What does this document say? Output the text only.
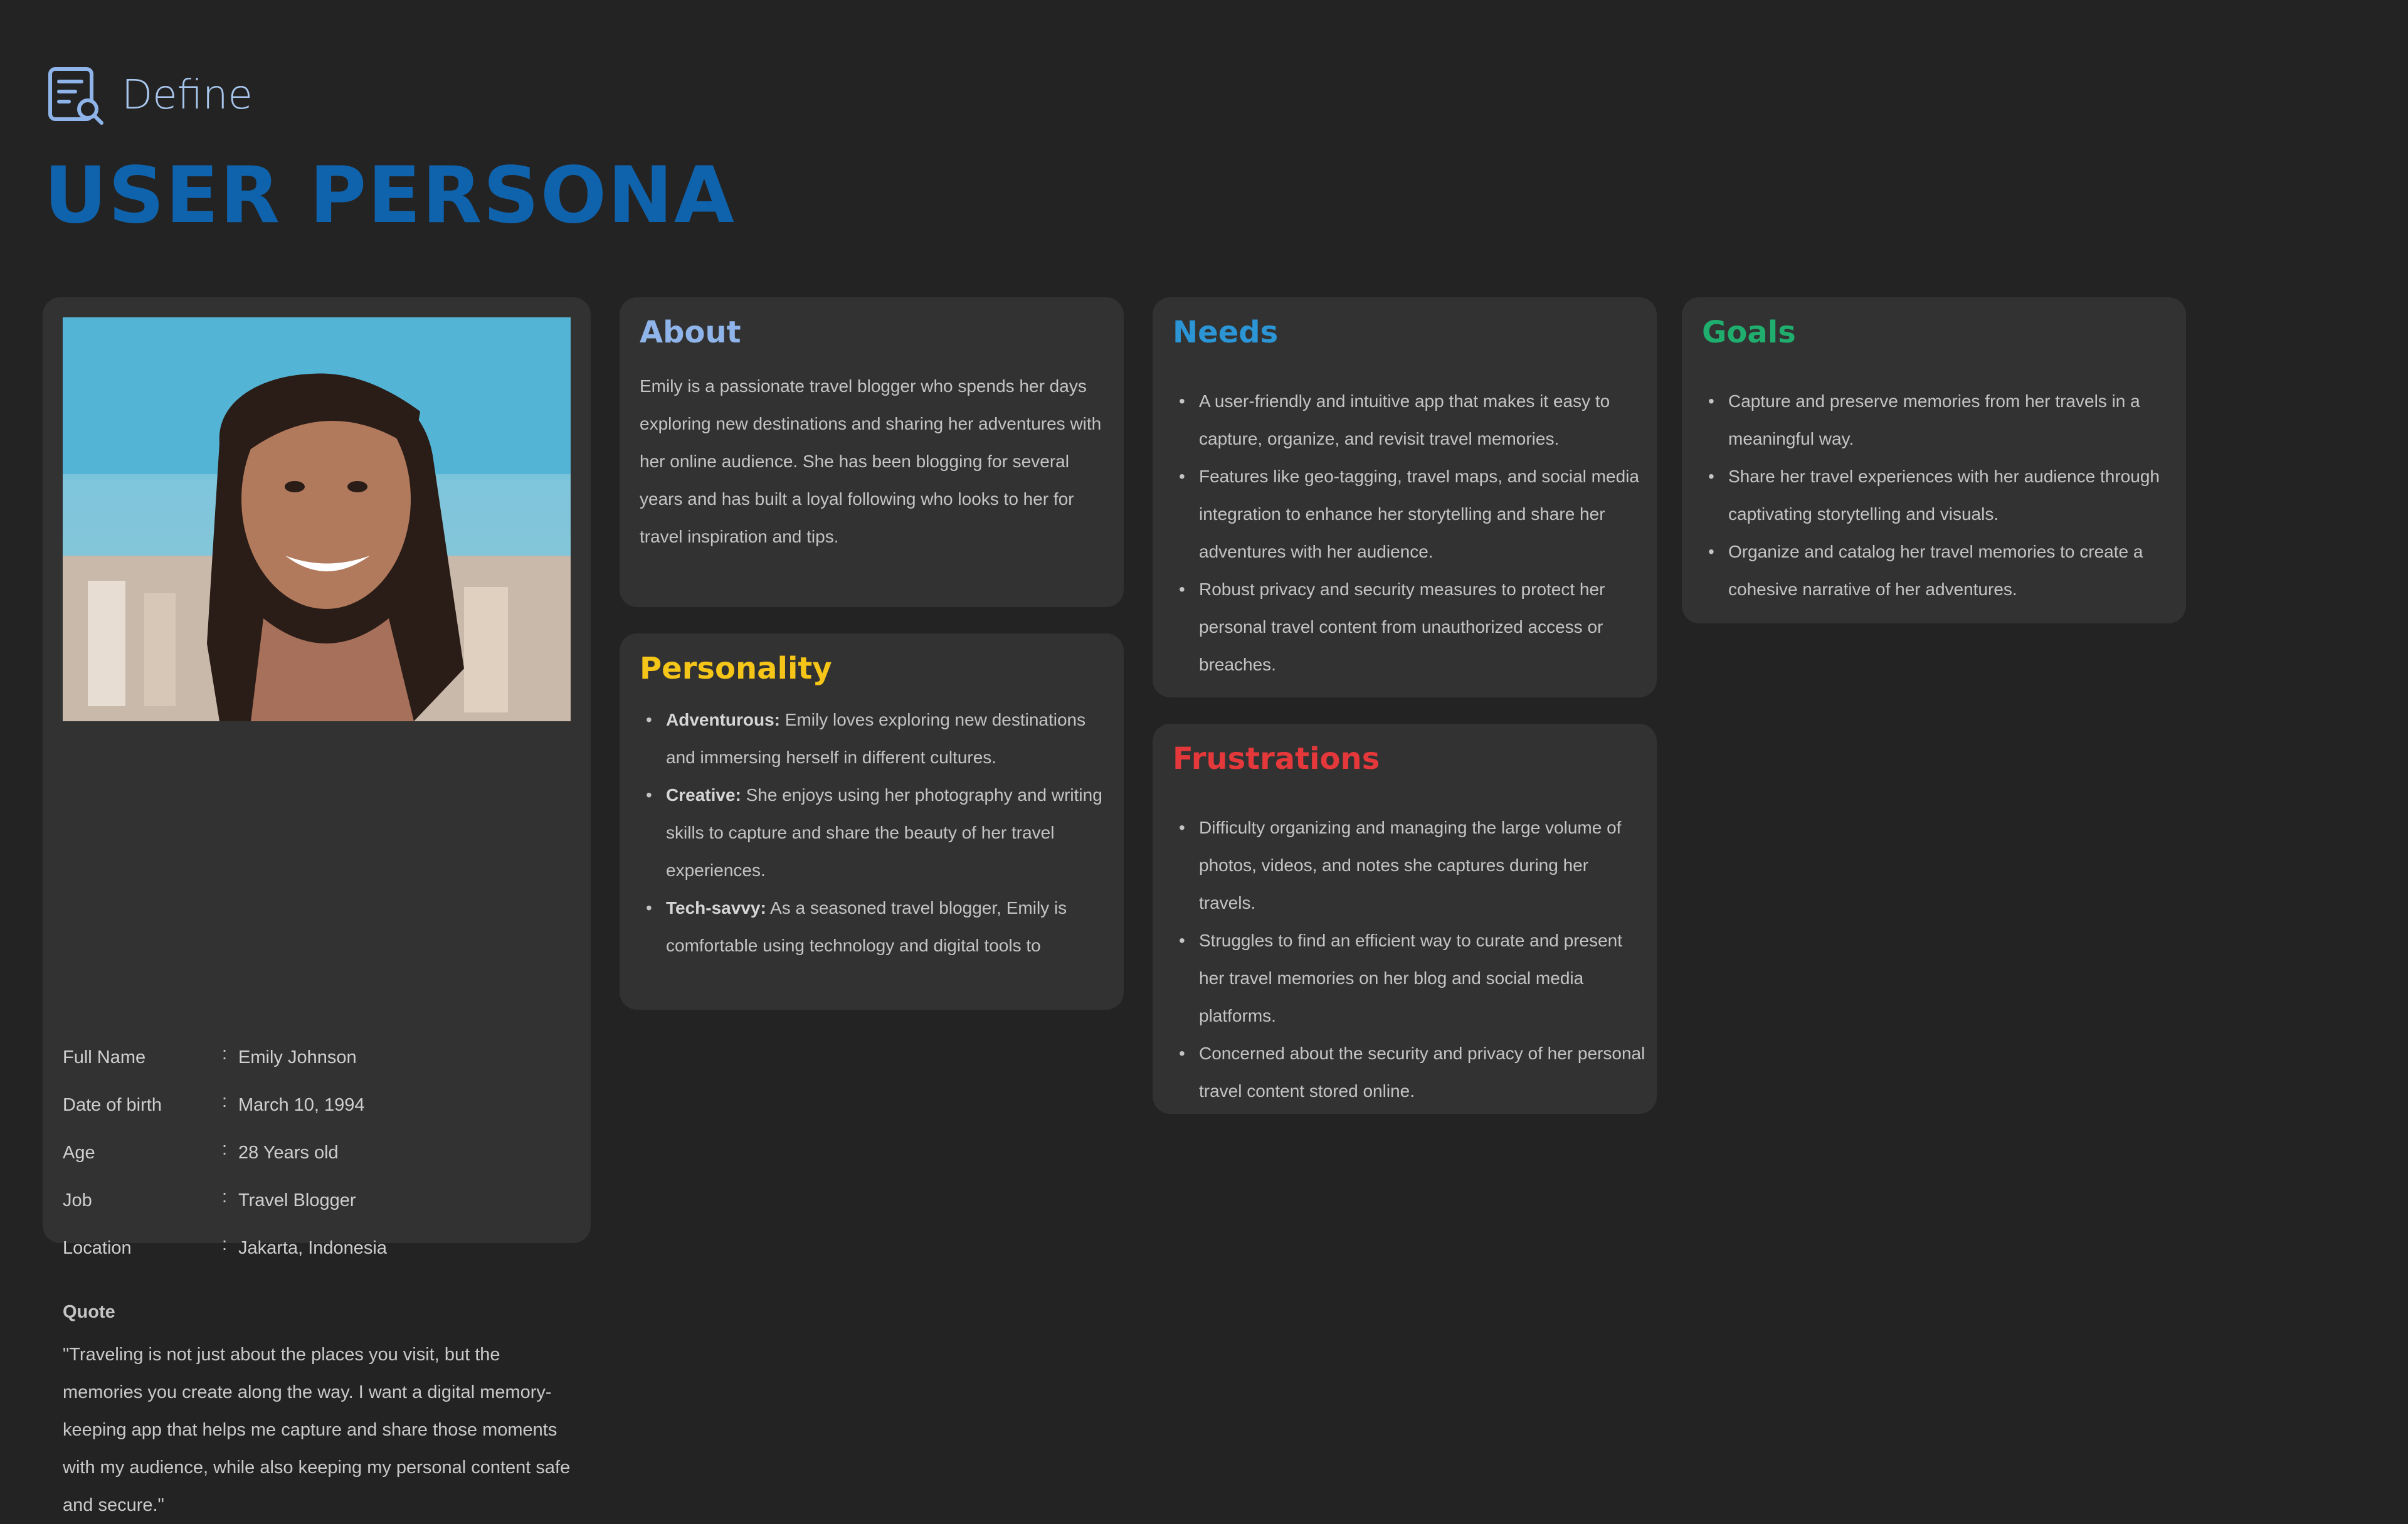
Define
USER PERSONA
Full Name	: Emily Johnson
Date of birth	: March 10, 1994
Age	: 28 Years old
Job	: Travel Blogger
Location	: Jakarta, Indonesia
Quote
"Traveling is not just about the places you visit, but the memories you create along the way. I want a digital memory-keeping app that helps me capture and share those moments with my audience, while also keeping my personal content safe and secure."
About
Emily is a passionate travel blogger who spends her days exploring new destinations and sharing her adventures with her online audience. She has been blogging for several years and has built a loyal following who looks to her for travel inspiration and tips.
Personality
• Adventurous: Emily loves exploring new destinations and immersing herself in different cultures.
• Creative: She enjoys using her photography and writing skills to capture and share the beauty of her travel experiences.
• Tech-savvy: As a seasoned travel blogger, Emily is comfortable using technology and digital tools to
Needs
• A user-friendly and intuitive app that makes it easy to capture, organize, and revisit travel memories.
• Features like geo-tagging, travel maps, and social media integration to enhance her storytelling and share her adventures with her audience.
• Robust privacy and security measures to protect her personal travel content from unauthorized access or breaches.
Frustrations
• Difficulty organizing and managing the large volume of photos, videos, and notes she captures during her travels.
• Struggles to find an efficient way to curate and present her travel memories on her blog and social media platforms.
• Concerned about the security and privacy of her personal travel content stored online.
Goals
• Capture and preserve memories from her travels in a meaningful way.
• Share her travel experiences with her audience through captivating storytelling and visuals.
• Organize and catalog her travel memories to create a cohesive narrative of her adventures.
